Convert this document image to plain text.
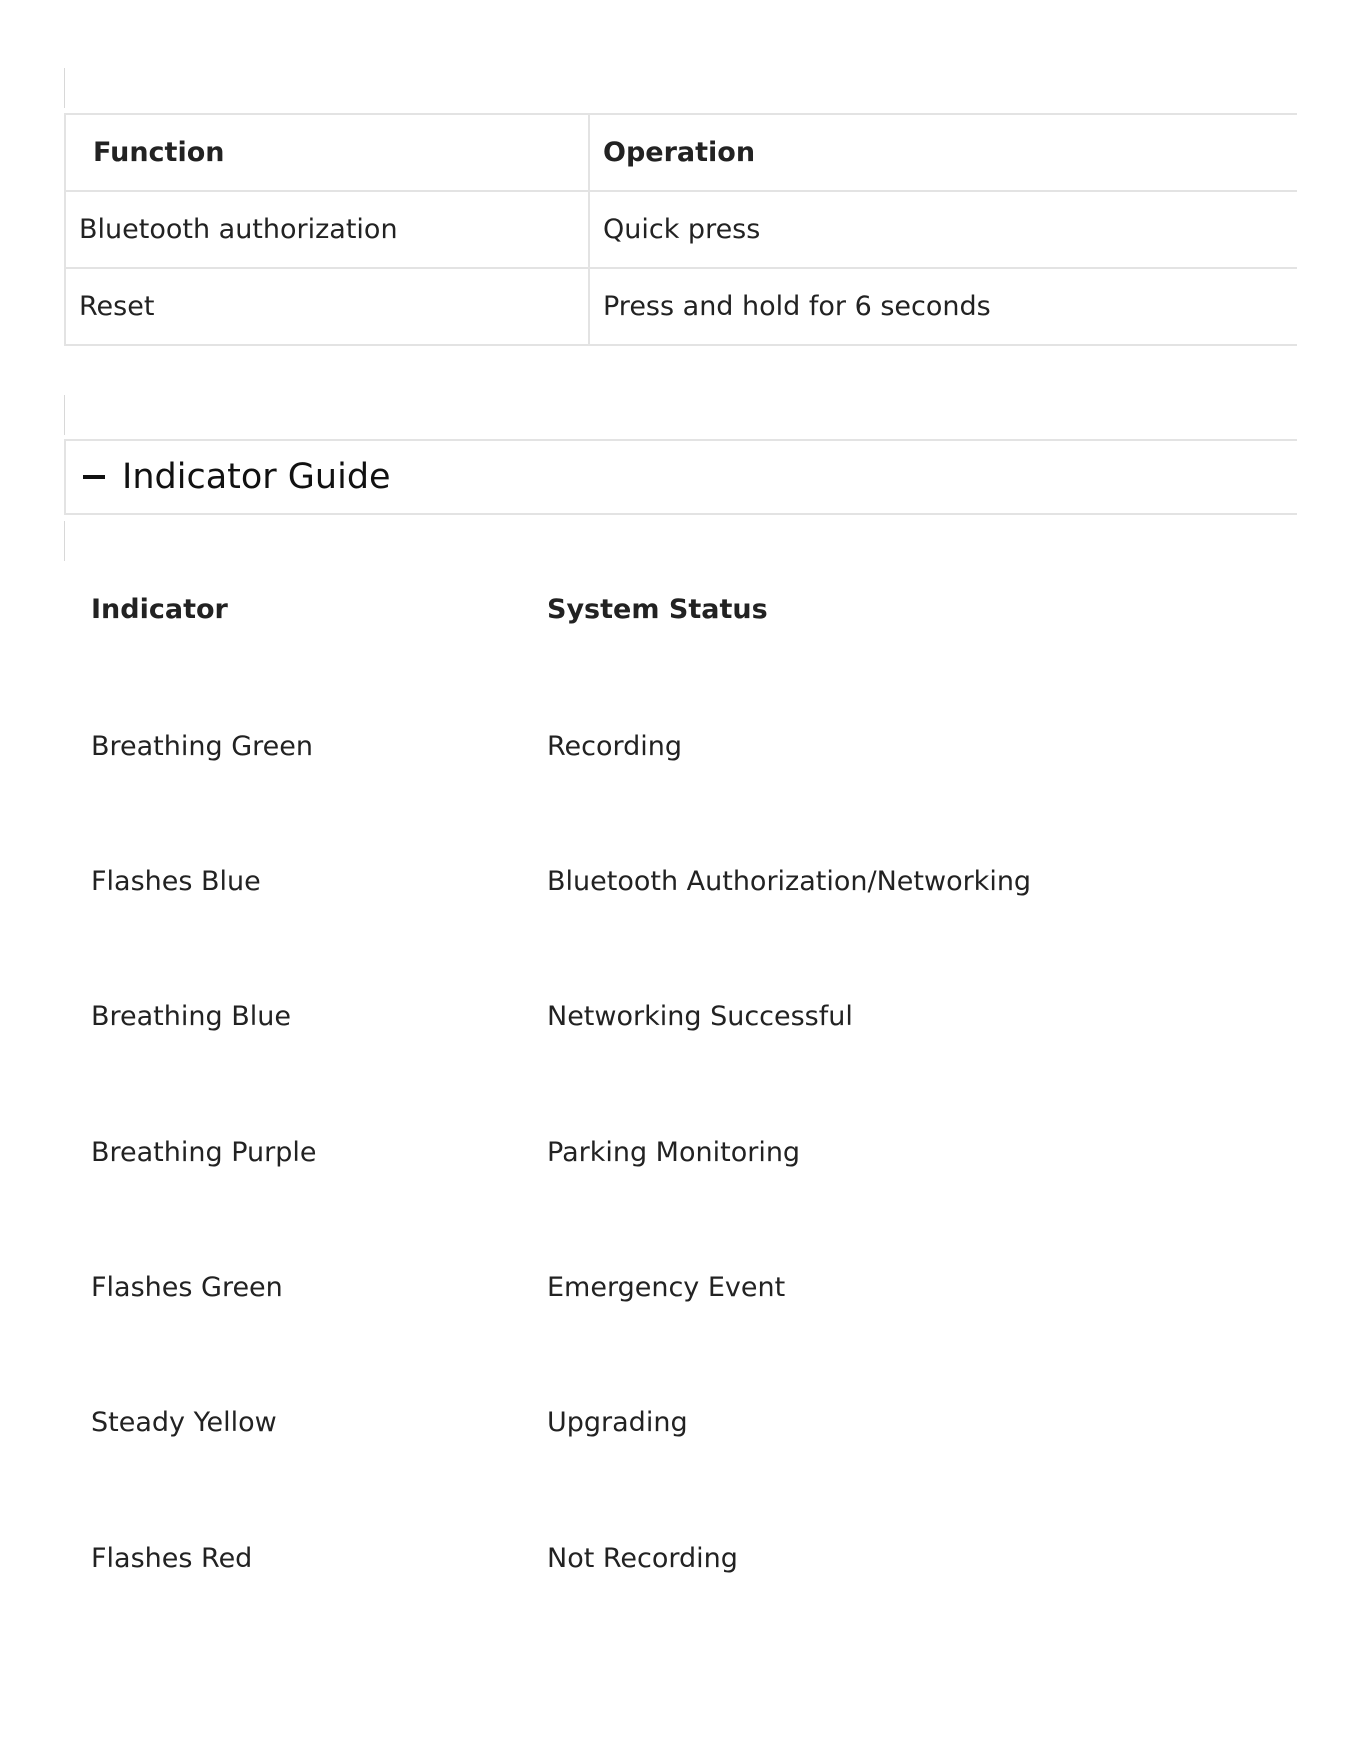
Function	Operation
Bluetooth authorization	Quick press
Reset	Press and hold for 6 seconds
Indicator Guide
Indicator	System Status
Breathing Green	Recording
Flashes Blue	Bluetooth Authorization/Networking
Breathing Blue	Networking Successful
Breathing Purple	Parking Monitoring
Flashes Green	Emergency Event
Steady Yellow	Upgrading
Flashes Red	Not Recording
